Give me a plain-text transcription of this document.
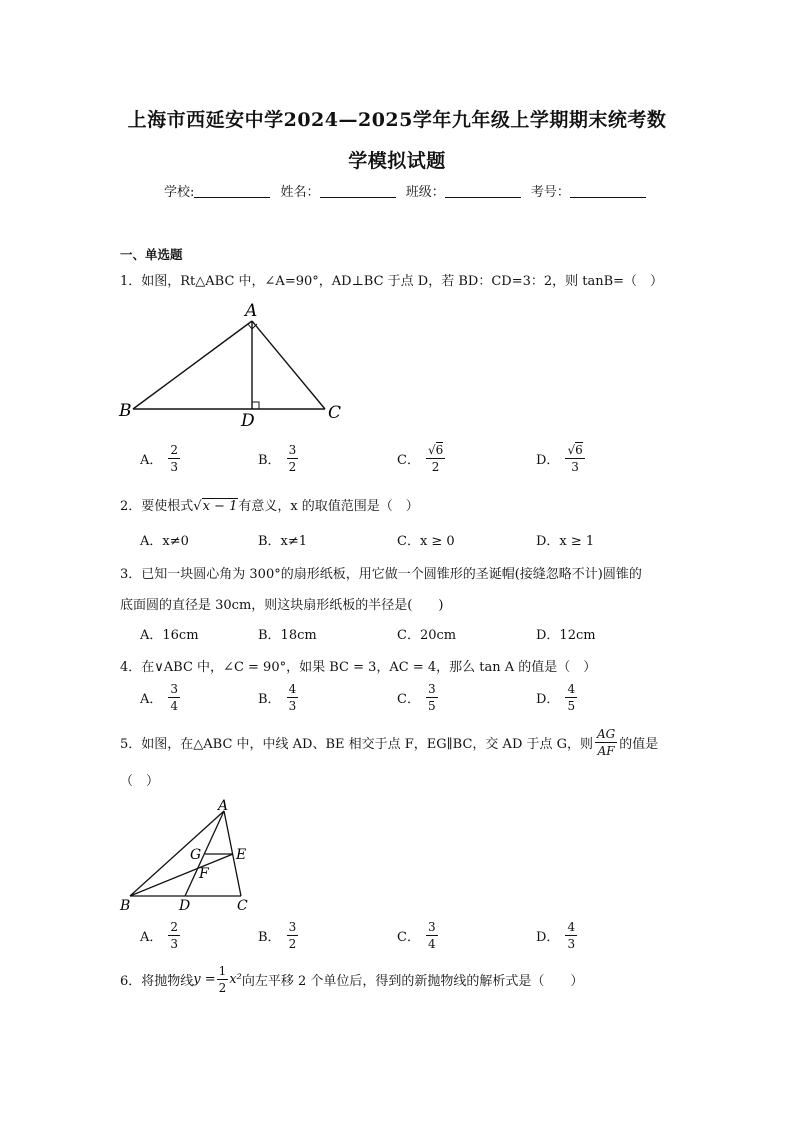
上海市西延安中学2024—2025学年九年级上学期期末统考数
学模拟试题
学校:	姓名：	班级：	考号：
一、单选题
1．如图，Rt△ABC 中，∠A=90°，AD⊥BC 于点 D，若 BD：CD=3：2，则 tanB=（　）
A
B	D	C
A． $\frac{2}{3}$	B． $\frac{3}{2}$	C． $\frac{√6}{2}$	D． $\frac{√6}{3}$
2．要使根式 √ x − 1 有意义，x 的取值范围是（　）
A．x≠0	B．x≠1	C．x ≥ 0	D．x ≥ 1
3．已知一块圆心角为 300°的扇形纸板，用它做一个圆锥形的圣诞帽(接缝忽略不计)圆锥的
底面圆的直径是 30cm，则这块扇形纸板的半径是(　　)
A．16cm	B．18cm	C．20cm	D．12cm
4．在∨ABC 中，∠C = 90°，如果 BC = 3，AC = 4，那么 tan A 的值是（　）
A． $\frac{3}{4}$	B． $\frac{4}{3}$	C． $\frac{3}{5}$	D． $\frac{4}{5}$
5．如图，在△ABC 中，中线 AD、BE 相交于点 F，EG∥BC，交 AD 于点 G，则 $\frac{AG}{AF}$ 的值是
（　）
A
G E
F
B	D	C
A． $\frac{2}{3}$	B． $\frac{3}{2}$	C． $\frac{3}{4}$	D． $\frac{4}{3}$
6．将抛物线 $y = \frac{1}{2} x^2$ 向左平移 2 个单位后，得到的新抛物线的解析式是（　　）
